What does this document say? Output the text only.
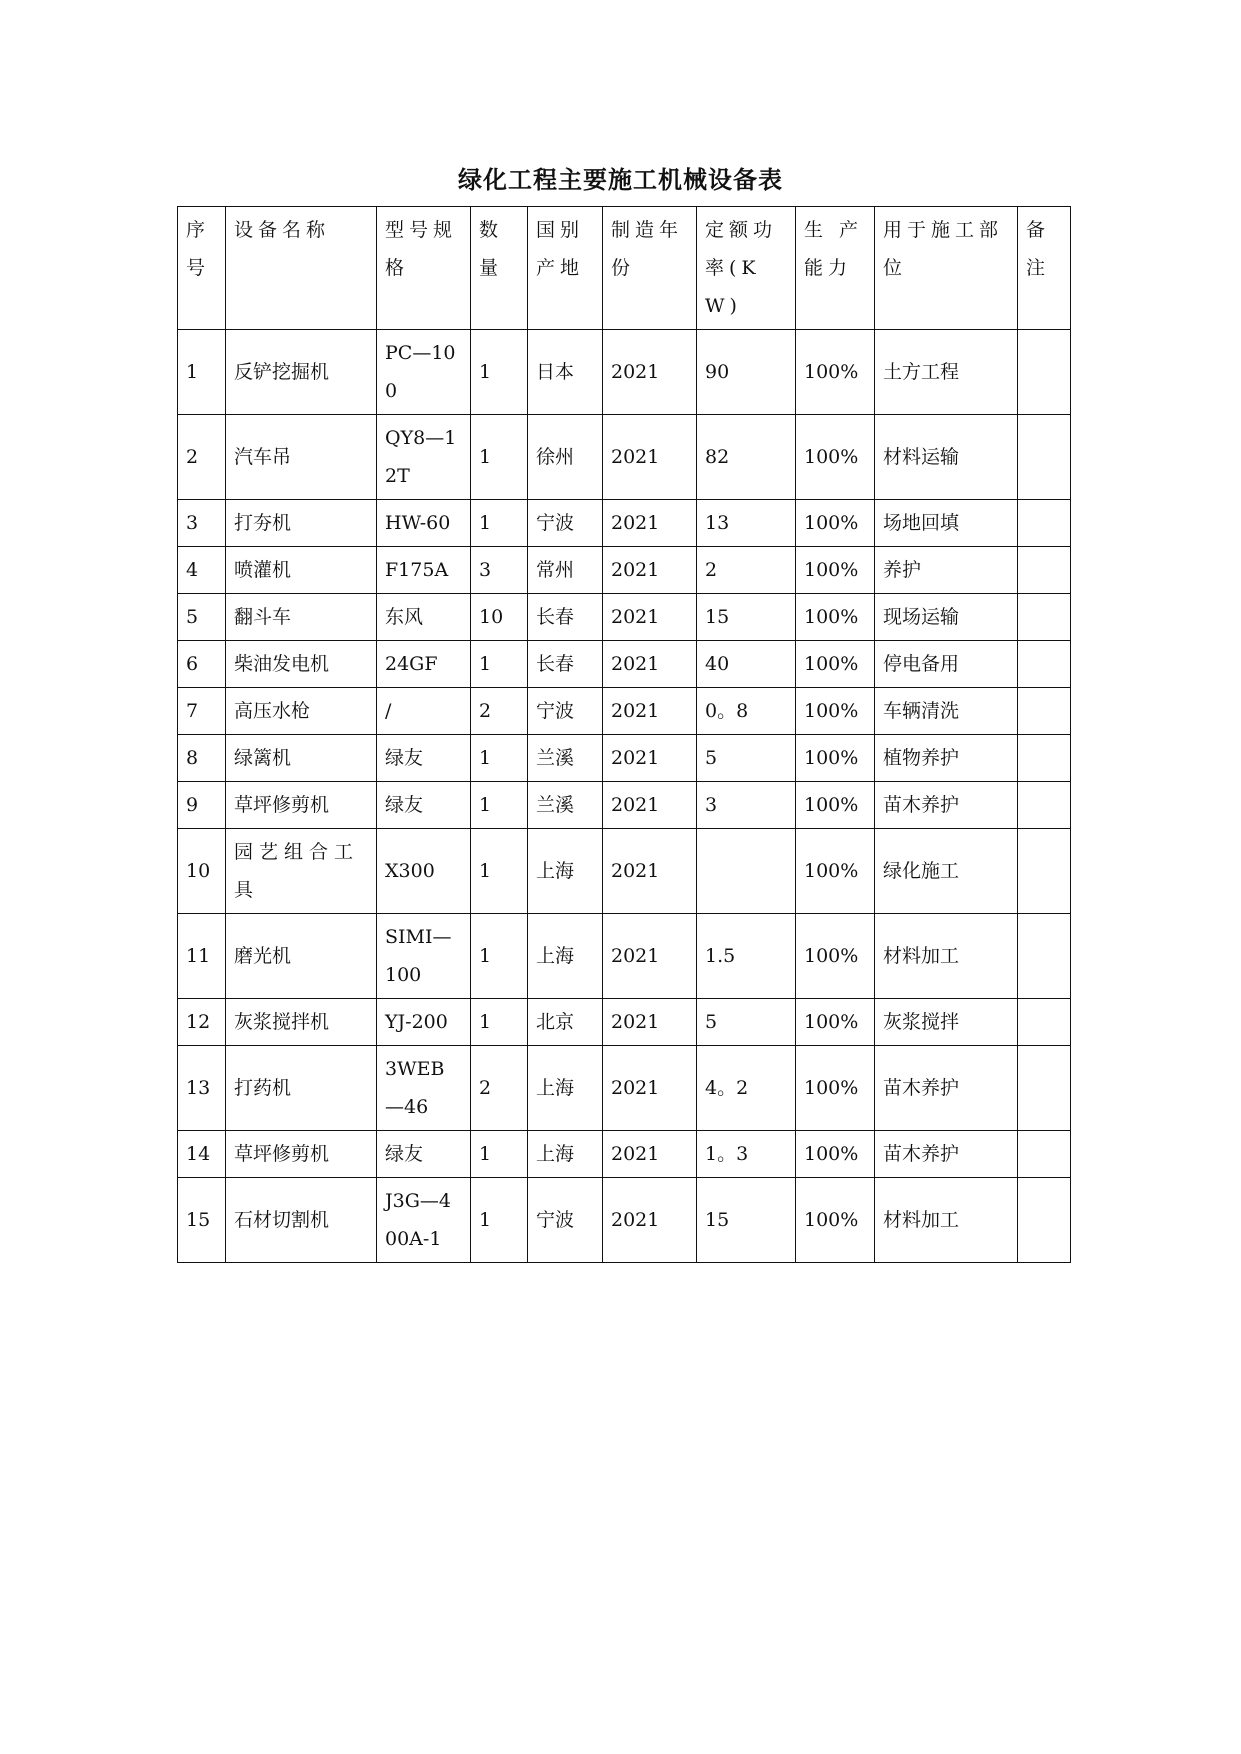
绿化工程主要施工机械设备表
序号	设备名称	型号规格	数量	国别产地	制造年份	定额功率(KW)	生 产能力	用于施工部位	备注
1	反铲挖掘机	PC—100	1	日本	2021	90	100%	土方工程	
2	汽车吊	QY8—12T	1	徐州	2021	82	100%	材料运输	
3	打夯机	HW-60	1	宁波	2021	13	100%	场地回填	
4	喷灌机	F175A	3	常州	2021	2	100%	养护	
5	翻斗车	东风	10	长春	2021	15	100%	现场运输	
6	柴油发电机	24GF	1	长春	2021	40	100%	停电备用	
7	高压水枪	/	2	宁波	2021	0。8	100%	车辆清洗	
8	绿篱机	绿友	1	兰溪	2021	5	100%	植物养护	
9	草坪修剪机	绿友	1	兰溪	2021	3	100%	苗木养护	
10	园艺组合工具	X300	1	上海	2021		100%	绿化施工	
11	磨光机	SIMI—100	1	上海	2021	1.5	100%	材料加工	
12	灰浆搅拌机	YJ-200	1	北京	2021	5	100%	灰浆搅拌	
13	打药机	3WEB—46	2	上海	2021	4。2	100%	苗木养护	
14	草坪修剪机	绿友	1	上海	2021	1。3	100%	苗木养护	
15	石材切割机	J3G—400A-1	1	宁波	2021	15	100%	材料加工	
